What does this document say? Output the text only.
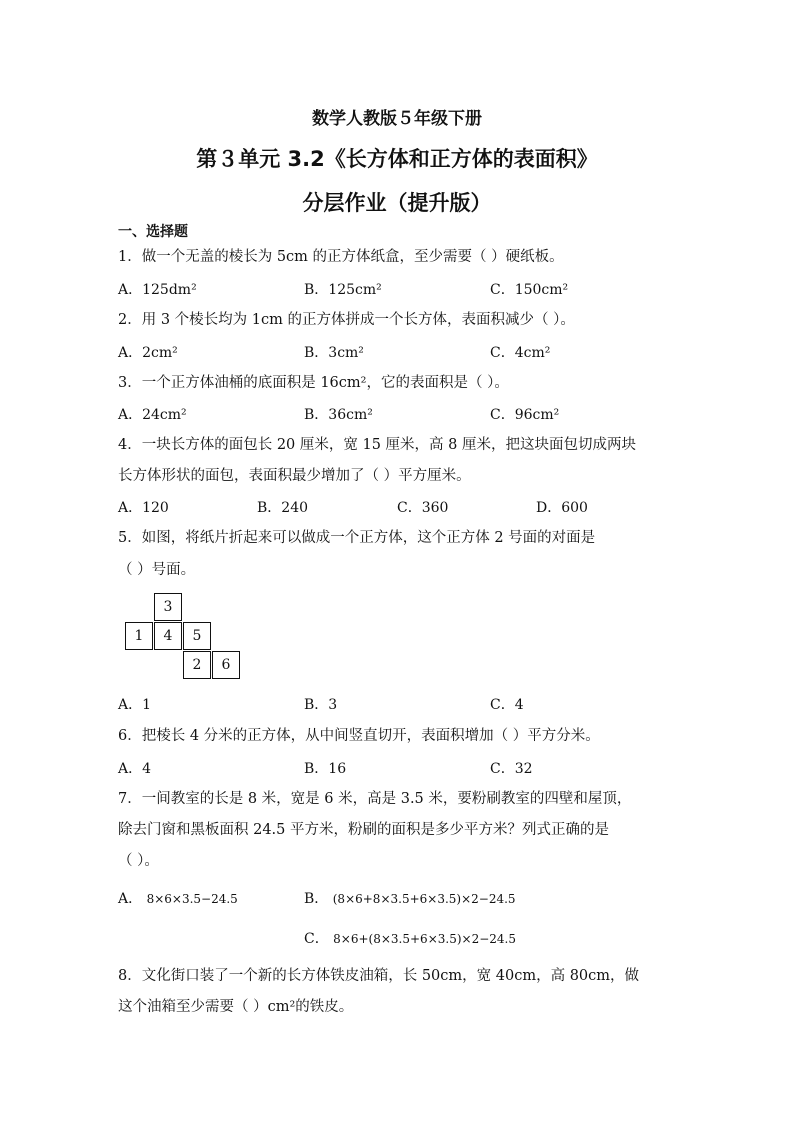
数学人教版５年级下册
第３单元 3.2《长方体和正方体的表面积》
分层作业（提升版）
一、选择题
1．做一个无盖的棱长为 5cm 的正方体纸盒，至少需要（ ）硬纸板。
A．125dm²	B．125cm²	C．150cm²
2．用 3 个棱长均为 1cm 的正方体拼成一个长方体，表面积减少（ ）。
A．2cm²	B．3cm²	C．4cm²
3．一个正方体油桶的底面积是 16cm²，它的表面积是（ ）。
A．24cm²	B．36cm²	C．96cm²
4．一块长方体的面包长 20 厘米，宽 15 厘米，高 8 厘米，把这块面包切成两块
长方体形状的面包，表面积最少增加了（ ）平方厘米。
A．120	B．240	C．360	D．600
5．如图，将纸片折起来可以做成一个正方体，这个正方体 2 号面的对面是
（ ）号面。
3
1	4	5
2	6
A．1	B．3	C．4
6．把棱长 4 分米的正方体，从中间竖直切开，表面积增加（ ）平方分米。
A．4	B．16	C．32
7．一间教室的长是 8 米，宽是 6 米，高是 3.5 米，要粉刷教室的四壁和屋顶，
除去门窗和黑板面积 24.5 平方米，粉刷的面积是多少平方米？列式正确的是
（ ）。
A． 8×6×3.5−24.5	B． (8×6+8×3.5+6×3.5)×2−24.5
C． 8×6+(8×3.5+6×3.5)×2−24.5
8．文化街口装了一个新的长方体铁皮油箱，长 50cm，宽 40cm，高 80cm，做
这个油箱至少需要（ ）cm²的铁皮。
